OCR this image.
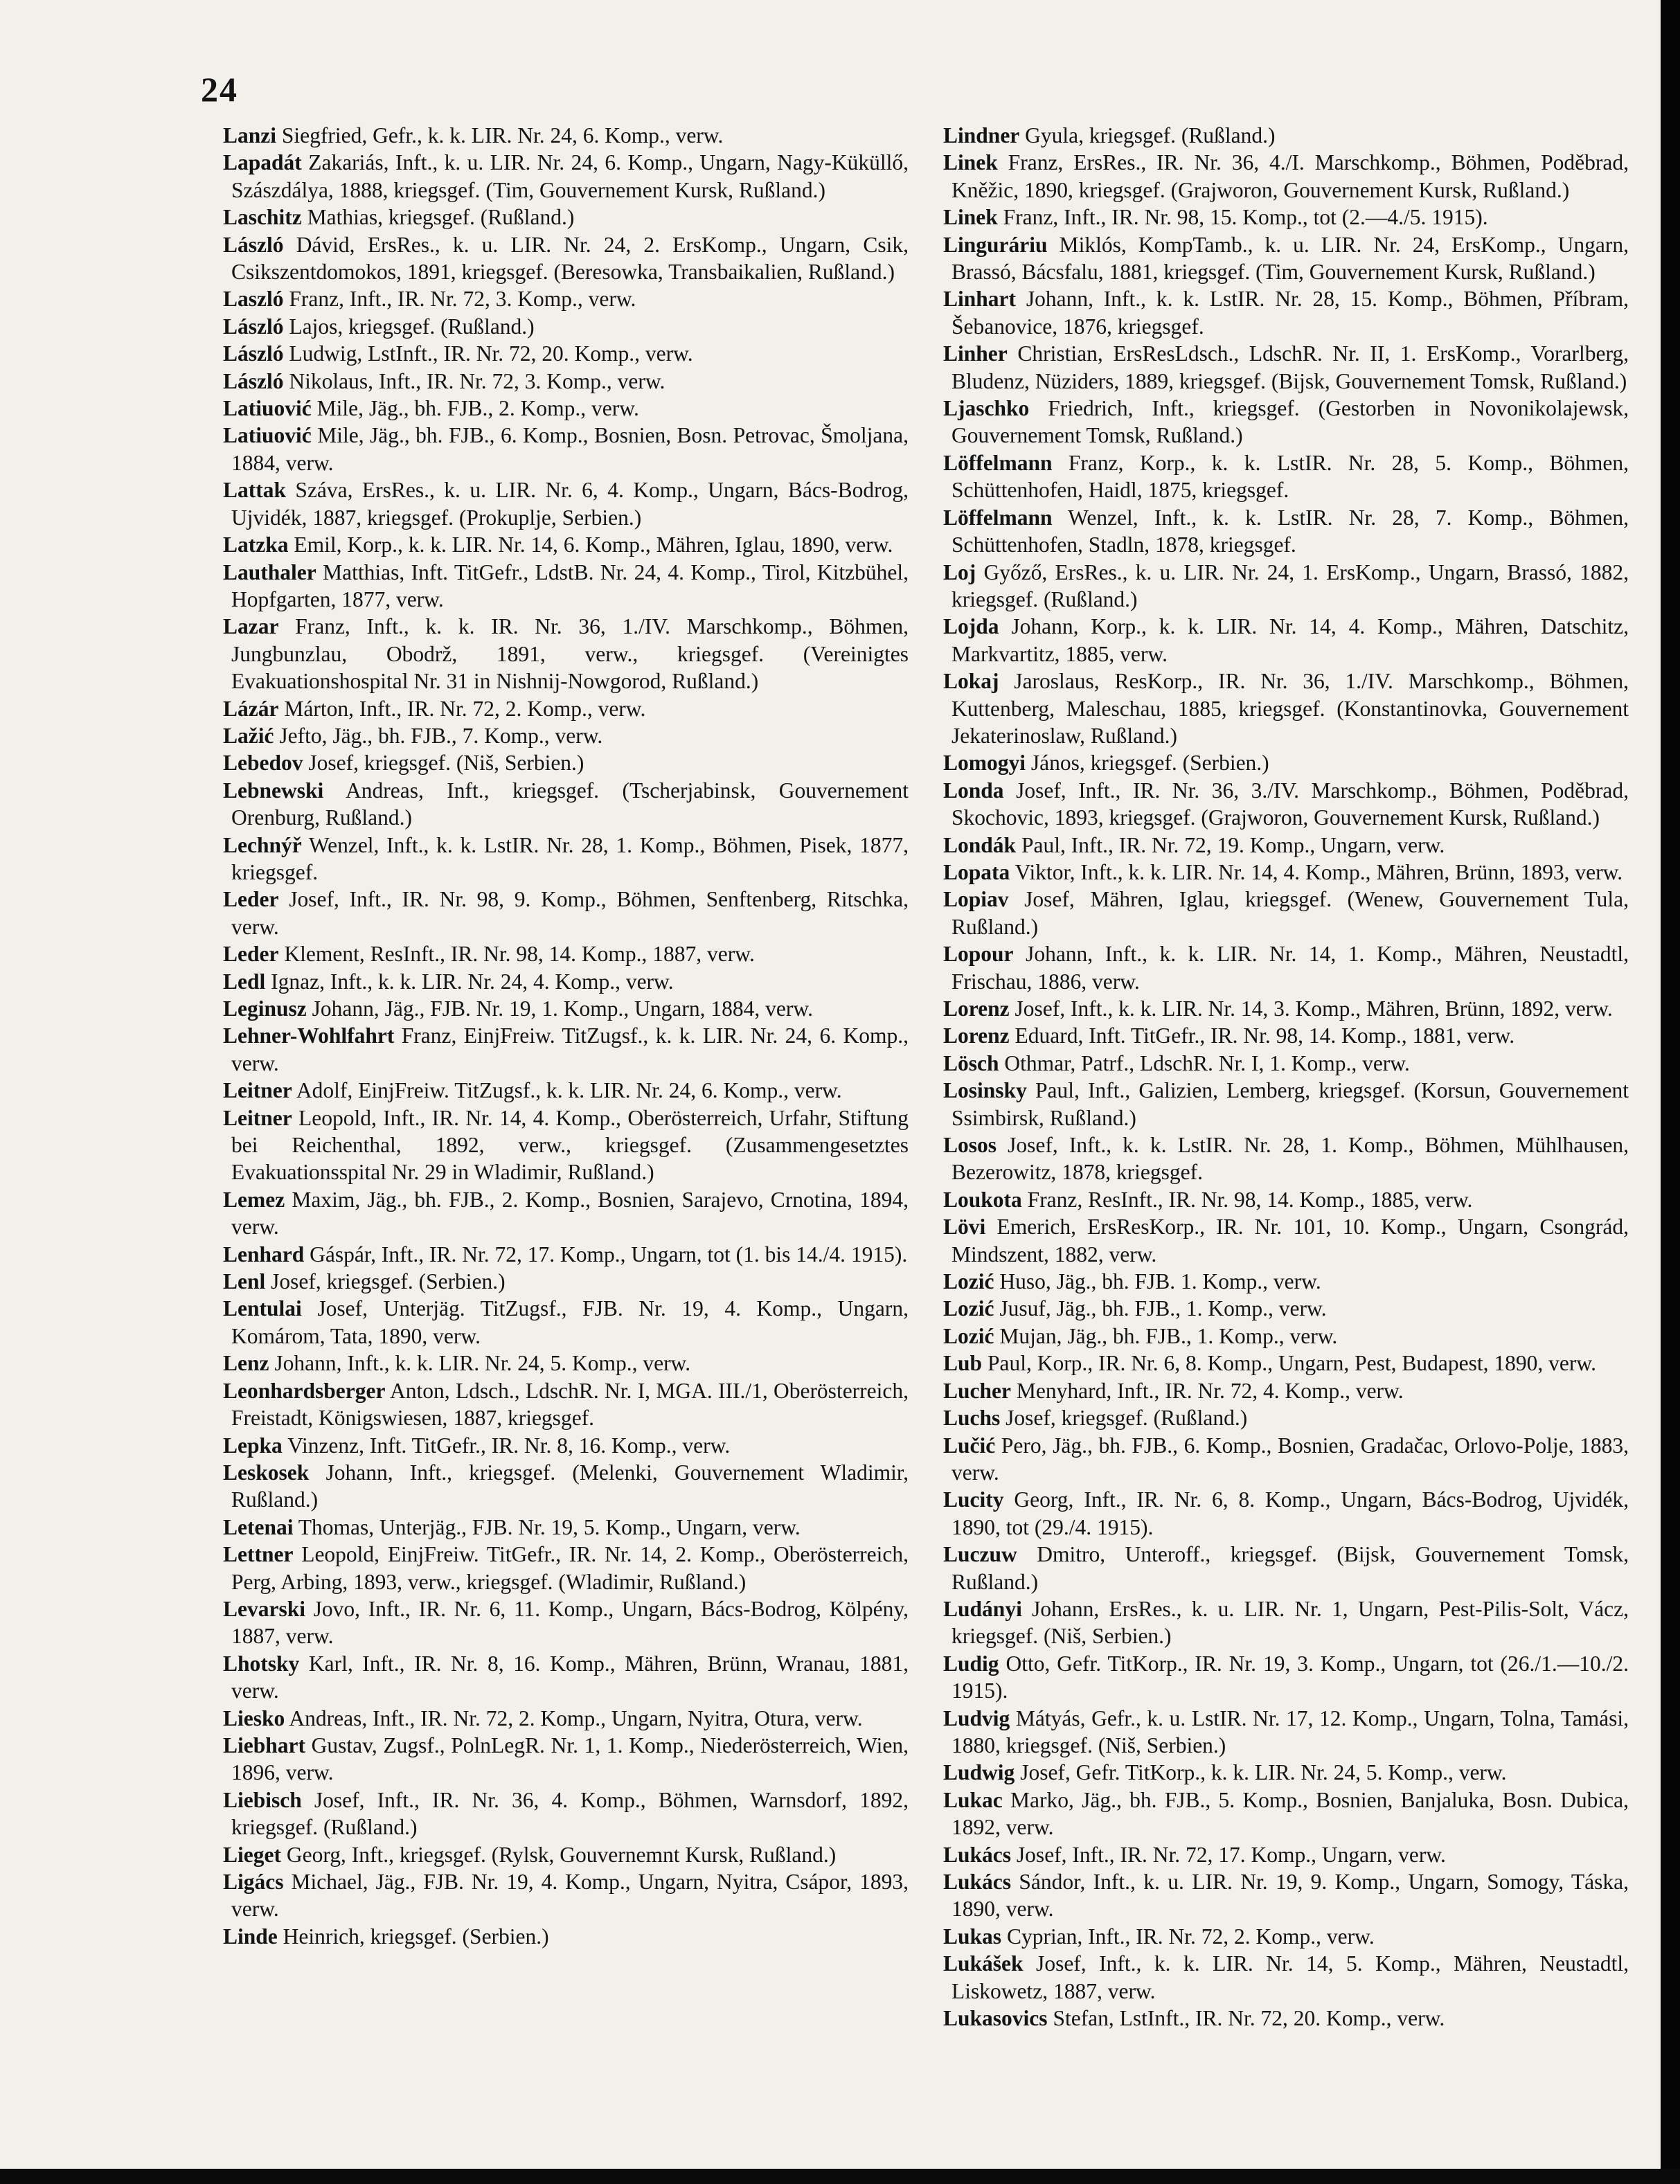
24

Lanzi Siegfried, Gefr., k. k. LIR. Nr. 24, 6. Komp., verw.

Lapadát Zakariás, Inft., k. u. LIR. Nr. 24, 6. Komp., Ungarn, Nagy-Küküllő, Szászdálya, 1888, kriegsgef. (Tim, Gouvernement Kursk, Rußland.)

Laschitz Mathias, kriegsgef. (Rußland.)

László Dávid, ErsRes., k. u. LIR. Nr. 24, 2. ErsKomp., Ungarn, Csik, Csikszentdomokos, 1891, kriegsgef. (Beresowka, Transbaikalien, Rußland.)

Laszló Franz, Inft., IR. Nr. 72, 3. Komp., verw.

László Lajos, kriegsgef. (Rußland.)

László Ludwig, LstInft., IR. Nr. 72, 20. Komp., verw.

László Nikolaus, Inft., IR. Nr. 72, 3. Komp., verw.

Latiuović Mile, Jäg., bh. FJB., 2. Komp., verw.

Latiuović Mile, Jäg., bh. FJB., 6. Komp., Bosnien, Bosn. Petrovac, Šmoljana, 1884, verw.

Lattak Száva, ErsRes., k. u. LIR. Nr. 6, 4. Komp., Ungarn, Bács-Bodrog, Ujvidék, 1887, kriegsgef. (Prokuplje, Serbien.)

Latzka Emil, Korp., k. k. LIR. Nr. 14, 6. Komp., Mähren, Iglau, 1890, verw.

Lauthaler Matthias, Inft. TitGefr., LdstB. Nr. 24, 4. Komp., Tirol, Kitzbühel, Hopfgarten, 1877, verw.

Lazar Franz, Inft., k. k. IR. Nr. 36, 1./IV. Marschkomp., Böhmen, Jungbunzlau, Obodrž, 1891, verw., kriegsgef. (Vereinigtes Evakuationshospital Nr. 31 in Nishnij-Nowgorod, Rußland.)

Lázár Márton, Inft., IR. Nr. 72, 2. Komp., verw.

Lažić Jefto, Jäg., bh. FJB., 7. Komp., verw.

Lebedov Josef, kriegsgef. (Niš, Serbien.)

Lebnewski Andreas, Inft., kriegsgef. (Tscherjabinsk, Gouvernement Orenburg, Rußland.)

Lechnýř Wenzel, Inft., k. k. LstIR. Nr. 28, 1. Komp., Böhmen, Pisek, 1877, kriegsgef.

Leder Josef, Inft., IR. Nr. 98, 9. Komp., Böhmen, Senftenberg, Ritschka, verw.

Leder Klement, ResInft., IR. Nr. 98, 14. Komp., 1887, verw.

Ledl Ignaz, Inft., k. k. LIR. Nr. 24, 4. Komp., verw.

Leginusz Johann, Jäg., FJB. Nr. 19, 1. Komp., Ungarn, 1884, verw.

Lehner-Wohlfahrt Franz, EinjFreiw. TitZugsf., k. k. LIR. Nr. 24, 6. Komp., verw.

Leitner Adolf, EinjFreiw. TitZugsf., k. k. LIR. Nr. 24, 6. Komp., verw.

Leitner Leopold, Inft., IR. Nr. 14, 4. Komp., Oberösterreich, Urfahr, Stiftung bei Reichenthal, 1892, verw., kriegsgef. (Zusammengesetztes Evakuationsspital Nr. 29 in Wladimir, Rußland.)

Lemez Maxim, Jäg., bh. FJB., 2. Komp., Bosnien, Sarajevo, Crnotina, 1894, verw.

Lenhard Gáspár, Inft., IR. Nr. 72, 17. Komp., Ungarn, tot (1. bis 14./4. 1915).

Lenl Josef, kriegsgef. (Serbien.)

Lentulai Josef, Unterjäg. TitZugsf., FJB. Nr. 19, 4. Komp., Ungarn, Komárom, Tata, 1890, verw.

Lenz Johann, Inft., k. k. LIR. Nr. 24, 5. Komp., verw.

Leonhardsberger Anton, Ldsch., LdschR. Nr. I, MGA. III./1, Oberösterreich, Freistadt, Königswiesen, 1887, kriegsgef.

Lepka Vinzenz, Inft. TitGefr., IR. Nr. 8, 16. Komp., verw.

Leskosek Johann, Inft., kriegsgef. (Melenki, Gouvernement Wladimir, Rußland.)

Letenai Thomas, Unterjäg., FJB. Nr. 19, 5. Komp., Ungarn, verw.

Lettner Leopold, EinjFreiw. TitGefr., IR. Nr. 14, 2. Komp., Oberösterreich, Perg, Arbing, 1893, verw., kriegsgef. (Wladimir, Rußland.)

Levarski Jovo, Inft., IR. Nr. 6, 11. Komp., Ungarn, Bács-Bodrog, Kölpény, 1887, verw.

Lhotsky Karl, Inft., IR. Nr. 8, 16. Komp., Mähren, Brünn, Wranau, 1881, verw.

Liesko Andreas, Inft., IR. Nr. 72, 2. Komp., Ungarn, Nyitra, Otura, verw.

Liebhart Gustav, Zugsf., PolnLegR. Nr. 1, 1. Komp., Niederösterreich, Wien, 1896, verw.

Liebisch Josef, Inft., IR. Nr. 36, 4. Komp., Böhmen, Warnsdorf, 1892, kriegsgef. (Rußland.)

Lieget Georg, Inft., kriegsgef. (Rylsk, Gouvernemnt Kursk, Rußland.)

Ligács Michael, Jäg., FJB. Nr. 19, 4. Komp., Ungarn, Nyitra, Csápor, 1893, verw.

Linde Heinrich, kriegsgef. (Serbien.)

Lindner Gyula, kriegsgef. (Rußland.)

Linek Franz, ErsRes., IR. Nr. 36, 4./I. Marschkomp., Böhmen, Poděbrad, Kněžic, 1890, kriegsgef. (Grajworon, Gouvernement Kursk, Rußland.)

Linek Franz, Inft., IR. Nr. 98, 15. Komp., tot (2.—4./5. 1915).

Linguráriu Miklós, KompTamb., k. u. LIR. Nr. 24, ErsKomp., Ungarn, Brassó, Bácsfalu, 1881, kriegsgef. (Tim, Gouvernement Kursk, Rußland.)

Linhart Johann, Inft., k. k. LstIR. Nr. 28, 15. Komp., Böhmen, Příbram, Šebanovice, 1876, kriegsgef.

Linher Christian, ErsResLdsch., LdschR. Nr. II, 1. ErsKomp., Vorarlberg, Bludenz, Nüziders, 1889, kriegsgef. (Bijsk, Gouvernement Tomsk, Rußland.)

Ljaschko Friedrich, Inft., kriegsgef. (Gestorben in Novonikolajewsk, Gouvernement Tomsk, Rußland.)

Löffelmann Franz, Korp., k. k. LstIR. Nr. 28, 5. Komp., Böhmen, Schüttenhofen, Haidl, 1875, kriegsgef.

Löffelmann Wenzel, Inft., k. k. LstIR. Nr. 28, 7. Komp., Böhmen, Schüttenhofen, Stadln, 1878, kriegsgef.

Loj Győző, ErsRes., k. u. LIR. Nr. 24, 1. ErsKomp., Ungarn, Brassó, 1882, kriegsgef. (Rußland.)

Lojda Johann, Korp., k. k. LIR. Nr. 14, 4. Komp., Mähren, Datschitz, Markvartitz, 1885, verw.

Lokaj Jaroslaus, ResKorp., IR. Nr. 36, 1./IV. Marschkomp., Böhmen, Kuttenberg, Maleschau, 1885, kriegsgef. (Konstantinovka, Gouvernement Jekaterinoslaw, Rußland.)

Lomogyi János, kriegsgef. (Serbien.)

Londa Josef, Inft., IR. Nr. 36, 3./IV. Marschkomp., Böhmen, Poděbrad, Skochovic, 1893, kriegsgef. (Grajworon, Gouvernement Kursk, Rußland.)

Londák Paul, Inft., IR. Nr. 72, 19. Komp., Ungarn, verw.

Lopata Viktor, Inft., k. k. LIR. Nr. 14, 4. Komp., Mähren, Brünn, 1893, verw.

Lopiav Josef, Mähren, Iglau, kriegsgef. (Wenew, Gouvernement Tula, Rußland.)

Lopour Johann, Inft., k. k. LIR. Nr. 14, 1. Komp., Mähren, Neustadtl, Frischau, 1886, verw.

Lorenz Josef, Inft., k. k. LIR. Nr. 14, 3. Komp., Mähren, Brünn, 1892, verw.

Lorenz Eduard, Inft. TitGefr., IR. Nr. 98, 14. Komp., 1881, verw.

Lösch Othmar, Patrf., LdschR. Nr. I, 1. Komp., verw.

Losinsky Paul, Inft., Galizien, Lemberg, kriegsgef. (Korsun, Gouvernement Ssimbirsk, Rußland.)

Losos Josef, Inft., k. k. LstIR. Nr. 28, 1. Komp., Böhmen, Mühlhausen, Bezerowitz, 1878, kriegsgef.

Loukota Franz, ResInft., IR. Nr. 98, 14. Komp., 1885, verw.

Lövi Emerich, ErsResKorp., IR. Nr. 101, 10. Komp., Ungarn, Csongrád, Mindszent, 1882, verw.

Lozić Huso, Jäg., bh. FJB. 1. Komp., verw.

Lozić Jusuf, Jäg., bh. FJB., 1. Komp., verw.

Lozić Mujan, Jäg., bh. FJB., 1. Komp., verw.

Lub Paul, Korp., IR. Nr. 6, 8. Komp., Ungarn, Pest, Budapest, 1890, verw.

Lucher Menyhard, Inft., IR. Nr. 72, 4. Komp., verw.

Luchs Josef, kriegsgef. (Rußland.)

Lučić Pero, Jäg., bh. FJB., 6. Komp., Bosnien, Gradačac, Orlovo-Polje, 1883, verw.

Lucity Georg, Inft., IR. Nr. 6, 8. Komp., Ungarn, Bács-Bodrog, Ujvidék, 1890, tot (29./4. 1915).

Luczuw Dmitro, Unteroff., kriegsgef. (Bijsk, Gouvernement Tomsk, Rußland.)

Ludányi Johann, ErsRes., k. u. LIR. Nr. 1, Ungarn, Pest-Pilis-Solt, Vácz, kriegsgef. (Niš, Serbien.)

Ludig Otto, Gefr. TitKorp., IR. Nr. 19, 3. Komp., Ungarn, tot (26./1.—10./2. 1915).

Ludvig Mátyás, Gefr., k. u. LstIR. Nr. 17, 12. Komp., Ungarn, Tolna, Tamási, 1880, kriegsgef. (Niš, Serbien.)

Ludwig Josef, Gefr. TitKorp., k. k. LIR. Nr. 24, 5. Komp., verw.

Lukac Marko, Jäg., bh. FJB., 5. Komp., Bosnien, Banjaluka, Bosn. Dubica, 1892, verw.

Lukács Josef, Inft., IR. Nr. 72, 17. Komp., Ungarn, verw.

Lukács Sándor, Inft., k. u. LIR. Nr. 19, 9. Komp., Ungarn, Somogy, Táska, 1890, verw.

Lukas Cyprian, Inft., IR. Nr. 72, 2. Komp., verw.

Lukášek Josef, Inft., k. k. LIR. Nr. 14, 5. Komp., Mähren, Neustadtl, Liskowetz, 1887, verw.

Lukasovics Stefan, LstInft., IR. Nr. 72, 20. Komp., verw.
